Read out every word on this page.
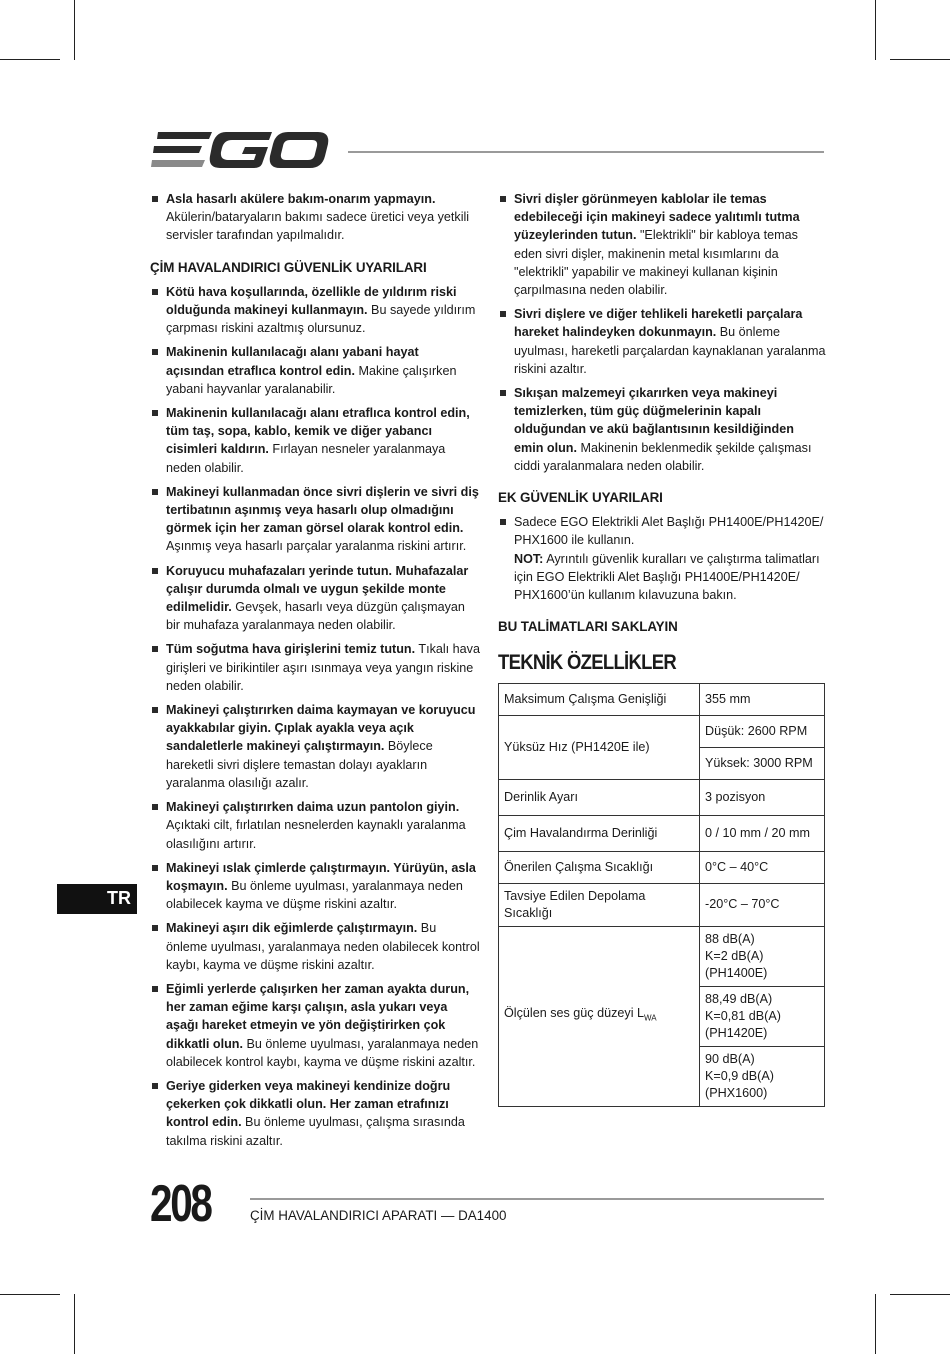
Asla hasarlı akülere bakım-onarım yapmayın. Akülerin/bataryaların bakımı sadece üretici veya yetkili servisler tarafından yapılmalıdır.
ÇİM HAVALANDIRICI GÜVENLİK UYARILARI
Kötü hava koşullarında, özellikle de yıldırım riski olduğunda makineyi kullanmayın. Bu sayede yıldırım çarpması riskini azaltmış olursunuz.
Makinenin kullanılacağı alanı yabani hayat açısından etraflıca kontrol edin. Makine çalışırken yabani hayvanlar yaralanabilir.
Makinenin kullanılacağı alanı etraflıca kontrol edin, tüm taş, sopa, kablo, kemik ve diğer yabancı cisimleri kaldırın. Fırlayan nesneler yaralanmaya neden olabilir.
Makineyi kullanmadan önce sivri dişlerin ve sivri diş tertibatının aşınmış veya hasarlı olup olmadığını görmek için her zaman görsel olarak kontrol edin. Aşınmış veya hasarlı parçalar yaralanma riskini artırır.
Koruyucu muhafazaları yerinde tutun. Muhafazalar çalışır durumda olmalı ve uygun şekilde monte edilmelidir. Gevşek, hasarlı veya düzgün çalışmayan bir muhafaza yaralanmaya neden olabilir.
Tüm soğutma hava girişlerini temiz tutun. Tıkalı hava girişleri ve birikintiler aşırı ısınmaya veya yangın riskine neden olabilir.
Makineyi çalıştırırken daima kaymayan ve koruyucu ayakkabılar giyin. Çıplak ayakla veya açık sandaletlerle makineyi çalıştırmayın. Böylece hareketli sivri dişlere temastan dolayı ayakların yaralanma olasılığı azalır.
Makineyi çalıştırırken daima uzun pantolon giyin. Açıktaki cilt, fırlatılan nesnelerden kaynaklı yaralanma olasılığını artırır.
Makineyi ıslak çimlerde çalıştırmayın. Yürüyün, asla koşmayın. Bu önleme uyulması, yaralanmaya neden olabilecek kayma ve düşme riskini azaltır.
Makineyi aşırı dik eğimlerde çalıştırmayın. Bu önleme uyulması, yaralanmaya neden olabilecek kontrol kaybı, kayma ve düşme riskini azaltır.
Eğimli yerlerde çalışırken her zaman ayakta durun, her zaman eğime karşı çalışın, asla yukarı veya aşağı hareket etmeyin ve yön değiştirirken çok dikkatli olun. Bu önleme uyulması, yaralanmaya neden olabilecek kontrol kaybı, kayma ve düşme riskini azaltır.
Geriye giderken veya makineyi kendinize doğru çekerken çok dikkatli olun. Her zaman etrafınızı kontrol edin. Bu önleme uyulması, çalışma sırasında takılma riskini azaltır.
Sivri dişler görünmeyen kablolar ile temas edebileceği için makineyi sadece yalıtımlı tutma yüzeylerinden tutun. "Elektrikli" bir kabloya temas eden sivri dişler, makinenin metal kısımlarını da "elektrikli" yapabilir ve makineyi kullanan kişinin çarpılmasına neden olabilir.
Sivri dişlere ve diğer tehlikeli hareketli parçalara hareket halindeyken dokunmayın. Bu önleme uyulması, hareketli parçalardan kaynaklanan yaralanma riskini azaltır.
Sıkışan malzemeyi çıkarırken veya makineyi temizlerken, tüm güç düğmelerinin kapalı olduğundan ve akü bağlantısının kesildiğinden emin olun. Makinenin beklenmedik şekilde çalışması ciddi yaralanmalara neden olabilir.
EK GÜVENLİK UYARILARI
Sadece EGO Elektrikli Alet Başlığı PH1400E/PH1420E/ PHX1600 ile kullanın.
NOT: Ayrıntılı güvenlik kuralları ve çalıştırma talimatları için EGO Elektrikli Alet Başlığı PH1400E/PH1420E/ PHX1600’ün kullanım kılavuzuna bakın.
BU TALİMATLARI SAKLAYIN
TEKNİK ÖZELLİKLER
Maksimum Çalışma Genişliği	355 mm
Yüksüz Hız (PH1420E ile)	Düşük: 2600 RPM
	Yüksek: 3000 RPM
Derinlik Ayarı	3 pozisyon
Çim Havalandırma Derinliği	0 / 10 mm / 20 mm
Önerilen Çalışma Sıcaklığı	0°C – 40°C
Tavsiye Edilen Depolama Sıcaklığı	-20°C – 70°C
Ölçülen ses güç düzeyi $L_{WA}$	88 dB(A)
K=2 dB(A)
(PH1400E)
	88,49 dB(A)
K=0,81 dB(A)
(PH1420E)
	90 dB(A)
K=0,9 dB(A)
(PHX1600)
TR
208	ÇİM HAVALANDIRICI APARATI — DA1400
